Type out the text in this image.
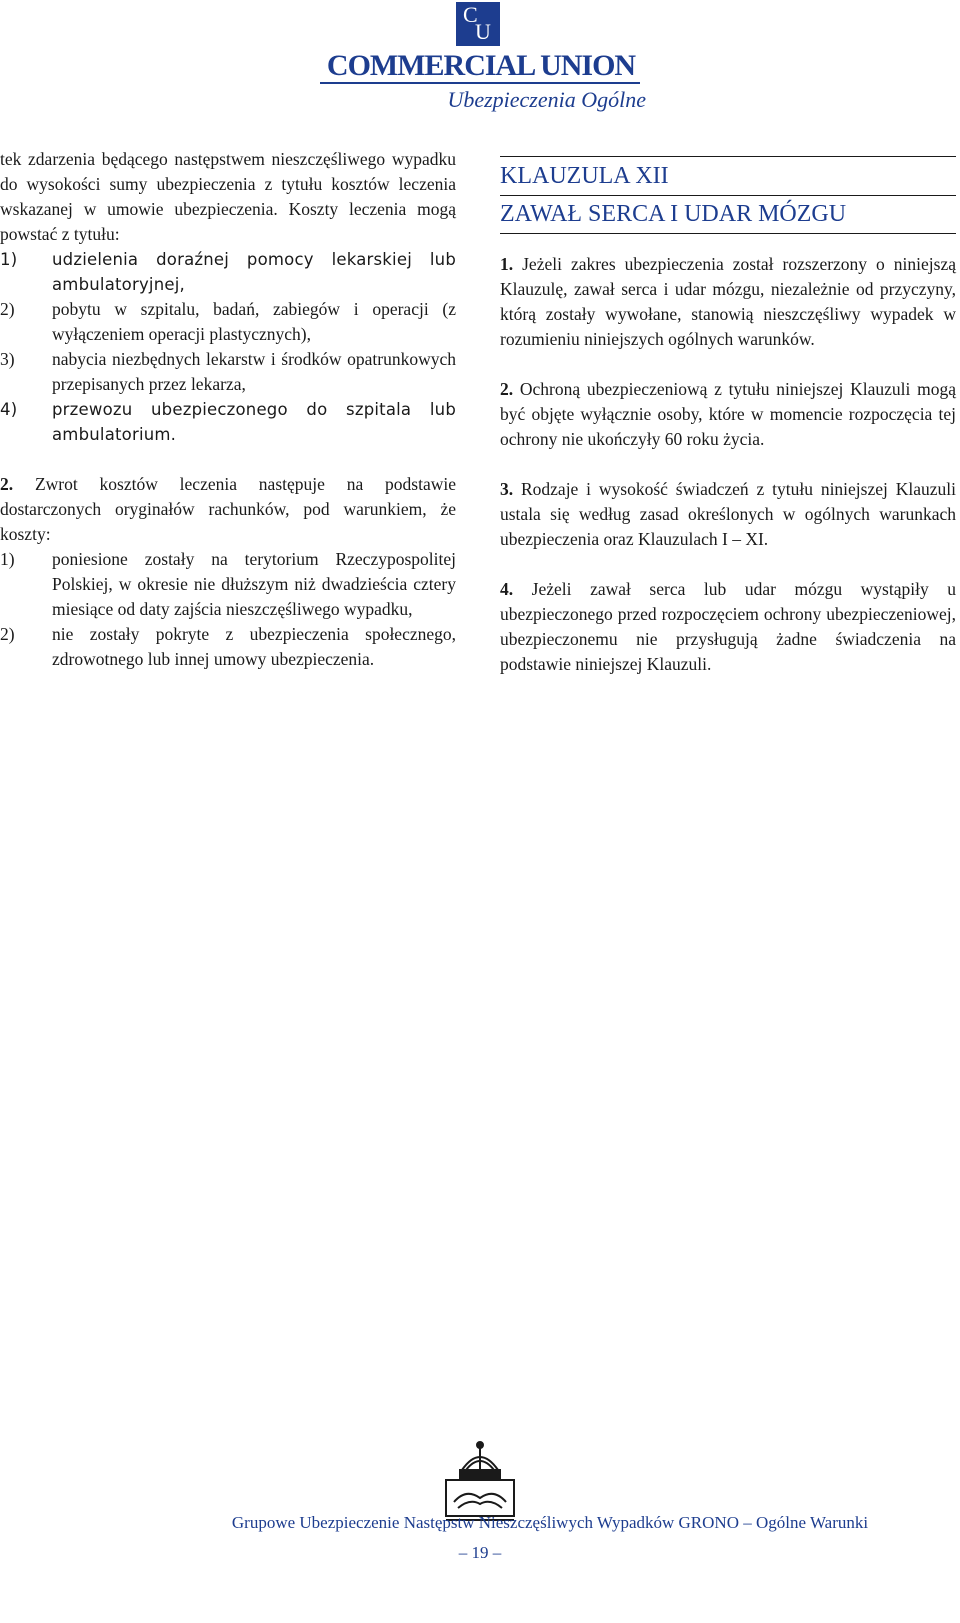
C
U
COMMERCIAL UNION
Ubezpieczenia Ogólne

tek zdarzenia będącego następstwem nieszczęśliwego wypadku do wysokości sumy ubezpieczenia z tytułu kosztów leczenia wskazanej w umowie ubezpieczenia. Koszty leczenia mogą powstać z tytułu:

1) udzielenia doraźnej pomocy lekarskiej lub ambulatoryjnej,

2) pobytu w szpitalu, badań, zabiegów i operacji (z wyłączeniem operacji plastycznych),

3) nabycia niezbędnych lekarstw i środków opatrunkowych przepisanych przez lekarza,

4) przewozu ubezpieczonego do szpitala lub ambulatorium.

2. Zwrot kosztów leczenia następuje na podstawie dostarczonych oryginałów rachunków, pod warunkiem, że koszty:

1) poniesione zostały na terytorium Rzeczypospolitej Polskiej, w okresie nie dłuższym niż dwadzieścia cztery miesiące od daty zajścia nieszczęśliwego wypadku,

2) nie zostały pokryte z ubezpieczenia społecznego, zdrowotnego lub innej umowy ubezpieczenia.

KLAUZULA XII
ZAWAŁ SERCA I UDAR MÓZGU

1. Jeżeli zakres ubezpieczenia został rozszerzony o niniejszą Klauzulę, zawał serca i udar mózgu, niezależnie od przyczyny, którą zostały wywołane, stanowią nieszczęśliwy wypadek w rozumieniu niniejszych ogólnych warunków.

2. Ochroną ubezpieczeniową z tytułu niniejszej Klauzuli mogą być objęte wyłącznie osoby, które w momencie rozpoczęcia tej ochrony nie ukończyły 60 roku życia.

3. Rodzaje i wysokość świadczeń z tytułu niniejszej Klauzuli ustala się według zasad określonych w ogólnych warunkach ubezpieczenia oraz Klauzulach I – XI.

4. Jeżeli zawał serca lub udar mózgu wystąpiły u ubezpieczonego przed rozpoczęciem ochrony ubezpieczeniowej, ubezpieczonemu nie przysługują żadne świadczenia na podstawie niniejszej Klauzuli.

Grupowe Ubezpieczenie Następstw Nieszczęśliwych Wypadków GRONO – Ogólne Warunki
– 19 –
